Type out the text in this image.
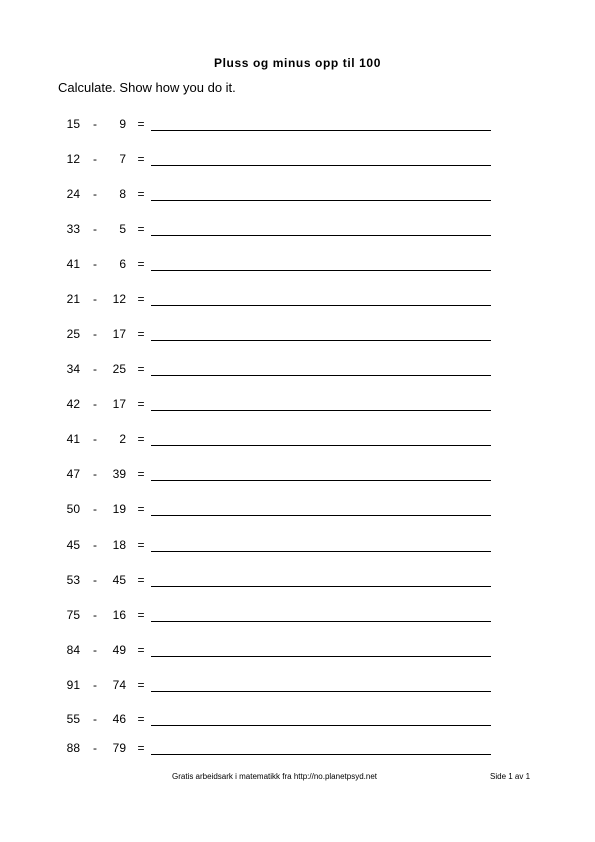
Pluss og minus opp til 100

Calculate. Show how you do it.

15 -	9 =
12 -	7 =
24 -	8 =
33 -	5 =
41 -	6 =
21 -	12 =
25 -	17 =
34 -	25 =
42 -	17 =
41 -	2 =
47 -	39 =
50 -	19 =
45 -	18 =
53 -	45 =
75 -	16 =
84 -	49 =
91 -	74 =
55 -	46 =
88 -	79 =

Gratis arbeidsark i matematikk fra http://no.planetpsyd.net	Side 1 av 1
